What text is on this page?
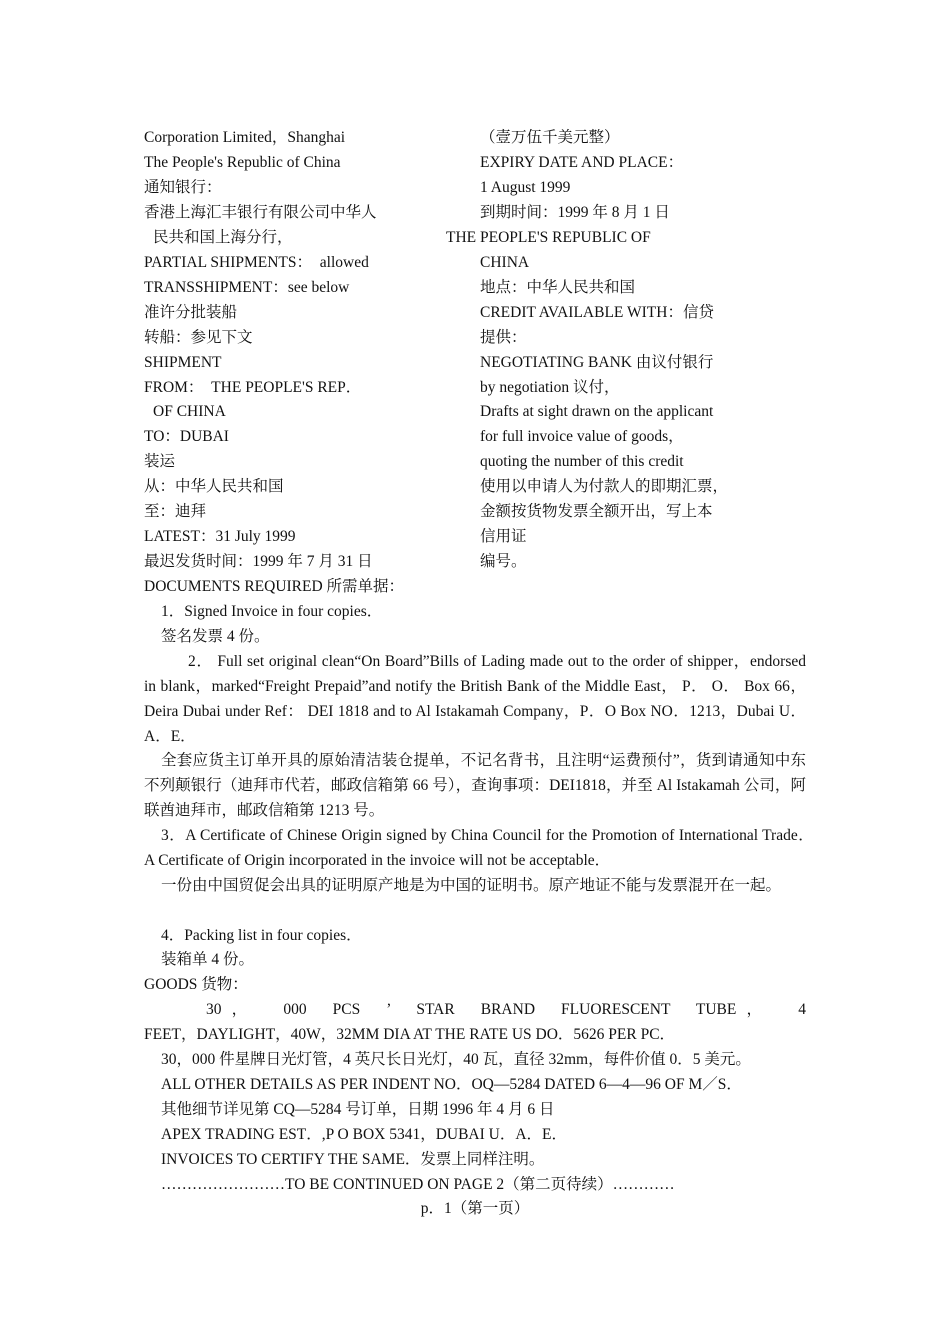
Corporation Limited，Shanghai
The People's Republic of China
通知银行：
香港上海汇丰银行有限公司中华人
民共和国上海分行，
PARTIAL SHIPMENTS：　allowed
TRANSSHIPMENT：see below
准许分批装船
转船：参见下文
SHIPMENT
FROM：　THE PEOPLE'S REP．
OF CHINA
TO：DUBAI
装运
从：中华人民共和国
至：迪拜
LATEST：31 July 1999
最迟发货时间：1999 年 7 月 31 日
DOCUMENTS REQUIRED 所需单据：
（壹万伍千美元整）
EXPIRY DATE AND PLACE：
1 August 1999
到期时间：1999 年 8 月 1 日
THE PEOPLE'S REPUBLIC OF
CHINA
地点：中华人民共和国
CREDIT AVAILABLE WITH：信贷
提供：
NEGOTIATING BANK 由议付银行
by negotiation 议付，
Drafts at sight drawn on the applicant
for full invoice value of goods，
quoting the number of this credit
使用以申请人为付款人的即期汇票，
金额按货物发票全额开出，写上本
信用证
编号。
1．Signed Invoice in four copies．
签名发票 4 份。
2． Full set original clean“On Board”Bills of Lading made out to the order of shipper，endorsed in blank，marked“Freight Prepaid”and notify the British Bank of the Middle East， P． O． Box 66， Deira Dubai under Ref： DEI 1818 and to Al Istakamah Company，P．O Box NO．1213，Dubai U．A．E．
全套应货主订单开具的原始清洁装仓提单，不记名背书，且注明“运费预付”，货到请通知中东不列颠银行（迪拜市代若，邮政信箱第 66 号），查询事项：DEI1818，并至 Al Istakamah 公司，阿联酋迪拜市，邮政信箱第 1213 号。
3．A Certificate of Chinese Origin signed by China Council for the Promotion of International Trade．　A Certificate of Origin incorporated in the invoice will not be acceptable．
一份由中国贸促会出具的证明原产地是为中国的证明书。原产地证不能与发票混开在一起。
4．Packing list in four copies．
装箱单 4 份。
GOODS 货物：
30， 000 PCS ’ STAR BRAND FLUORESCENT TUBE， 4
FEET，DAYLIGHT，40W，32MM DIA AT THE RATE US DO．5626 PER PC．
30，000 件星牌日光灯管，4 英尺长日光灯，40 瓦，直径 32mm，每件价值 0．5 美元。
ALL OTHER DETAILS AS PER INDENT NO．OQ—5284 DATED 6—4—96 OF M／S．
其他细节详见第 CQ—5284 号订单，日期 1996 年 4 月 6 日
APEX TRADING EST．,P O BOX 5341，DUBAI U．A．E．
INVOICES TO CERTIFY THE SAME．发票上同样注明。
……………………TO BE CONTINUED ON PAGE 2（第二页待续）…………
p．1（第一页）
